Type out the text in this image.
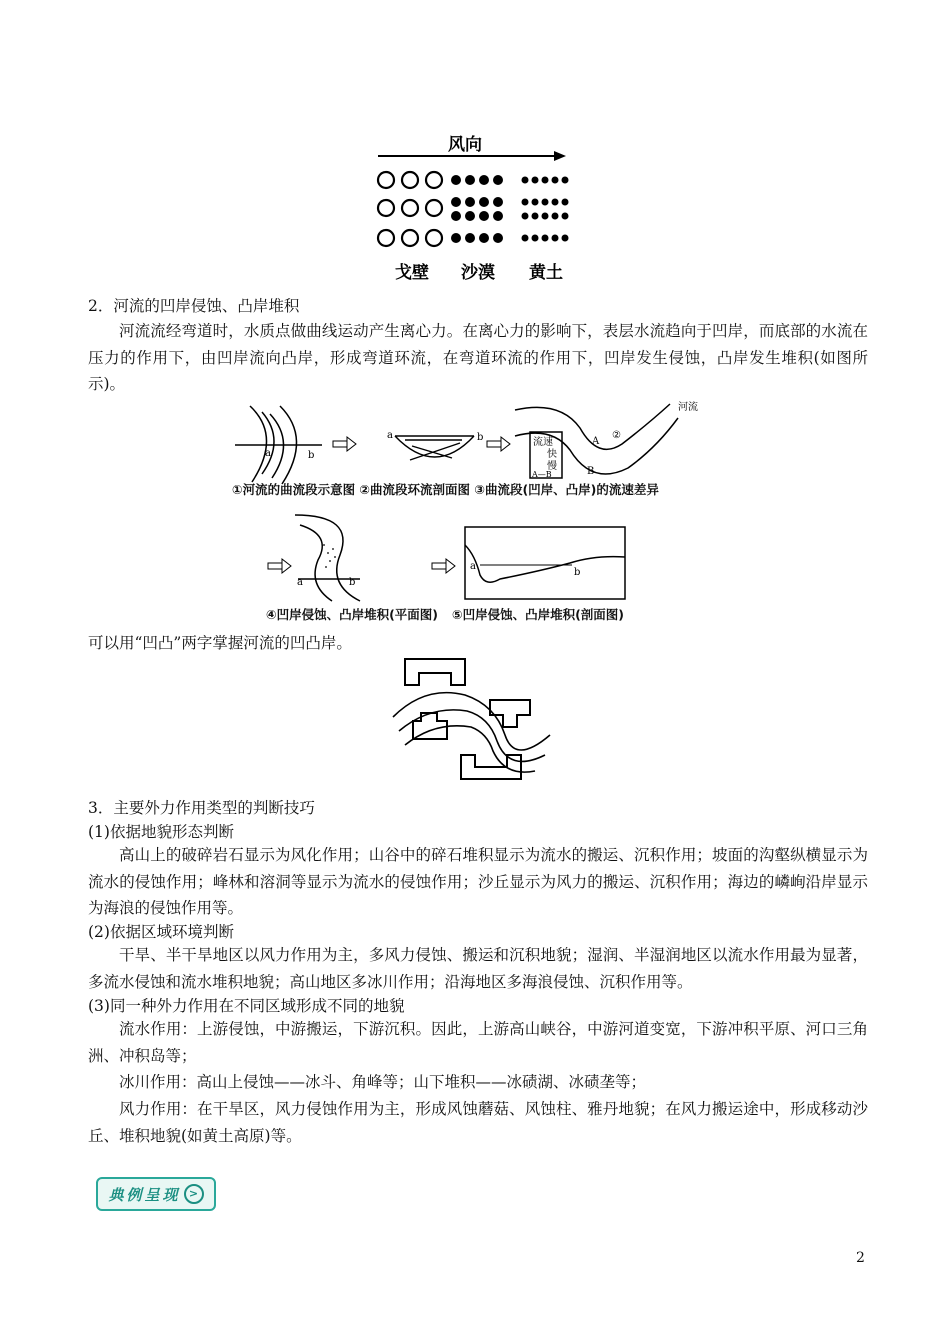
风向
戈壁 沙漠 黄土
2．河流的凹岸侵蚀、凸岸堆积
河流流经弯道时，水质点做曲线运动产生离心力。在离心力的影响下，表层水流趋向于凹岸，而底部的水流在压力的作用下，由凹岸流向凸岸，形成弯道环流，在弯道环流的作用下，凹岸发生侵蚀，凸岸发生堆积(如图所示)。
a	b
a	b	流速
快
慢
A—B
A
B
②
河流
①河流的曲流段示意图 ②曲流段环流剖面图 ③曲流段(凹岸、凸岸)的流速差异
a	b
a
b
④凹岸侵蚀、凸岸堆积(平面图) ⑤凹岸侵蚀、凸岸堆积(剖面图)
可以用“凹凸”两字掌握河流的凹凸岸。
3．主要外力作用类型的判断技巧
(1)依据地貌形态判断
高山上的破碎岩石显示为风化作用；山谷中的碎石堆积显示为流水的搬运、沉积作用；坡面的沟壑纵横显示为流水的侵蚀作用；峰林和溶洞等显示为流水的侵蚀作用；沙丘显示为风力的搬运、沉积作用；海边的嶙峋沿岸显示为海浪的侵蚀作用等。
(2)依据区域环境判断
干旱、半干旱地区以风力作用为主，多风力侵蚀、搬运和沉积地貌；湿润、半湿润地区以流水作用最为显著，多流水侵蚀和流水堆积地貌；高山地区多冰川作用；沿海地区多海浪侵蚀、沉积作用等。
(3)同一种外力作用在不同区域形成不同的地貌
流水作用：上游侵蚀，中游搬运，下游沉积。因此，上游高山峡谷，中游河道变宽，下游冲积平原、河口三角洲、冲积岛等；
冰川作用：高山上侵蚀——冰斗、角峰等；山下堆积——冰碛湖、冰碛垄等；
风力作用：在干旱区，风力侵蚀作用为主，形成风蚀蘑菇、风蚀柱、雅丹地貌；在风力搬运途中，形成移动沙丘、堆积地貌(如黄土高原)等。
典例呈现 >
2
